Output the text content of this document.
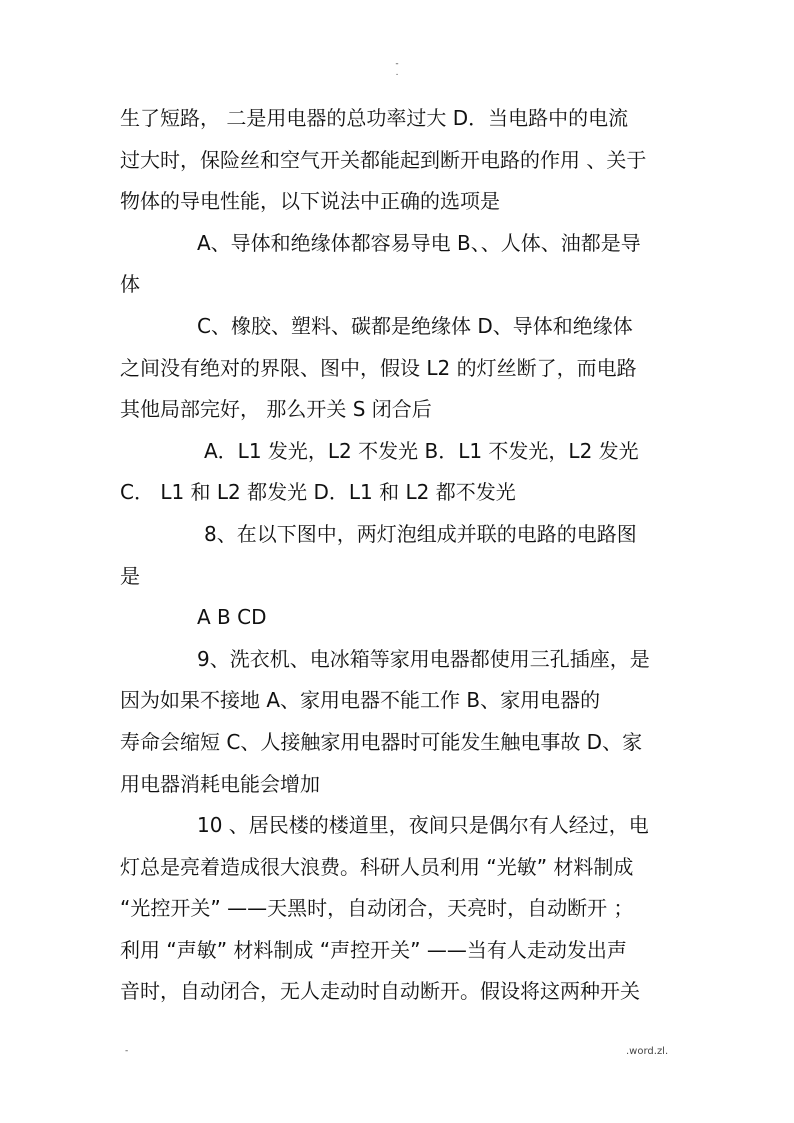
-
.
生了短路， 二是用电器的总功率过大 D．当电路中的电流
过大时，保险丝和空气开关都能起到断开电路的作用 、关于
物体的导电性能，以下说法中正确的选项是
A、导体和绝缘体都容易导电 B、、人体、油都是导
体
C、橡胶、塑料、碳都是绝缘体 D、导体和绝缘体
之间没有绝对的界限、图中，假设 L2 的灯丝断了，而电路
其他局部完好， 那么开关 S 闭合后
A．L1 发光，L2 不发光 B．L1 不发光，L2 发光
C． L1 和 L2 都发光 D．L1 和 L2 都不发光
8、在以下图中，两灯泡组成并联的电路的电路图
是
A B CD
9、洗衣机、电冰箱等家用电器都使用三孔插座，是
因为如果不接地 A、家用电器不能工作 B、家用电器的
寿命会缩短 C、人接触家用电器时可能发生触电事故 D、家
用电器消耗电能会增加
10 、居民楼的楼道里，夜间只是偶尔有人经过，电
灯总是亮着造成很大浪费。科研人员利用 “光敏” 材料制成
“光控开关” ——天黑时，自动闭合，天亮时，自动断开 ；
利用 “声敏” 材料制成 “声控开关” ——当有人走动发出声
音时，自动闭合，无人走动时自动断开。假设将这两种开关
-	.word.zl.
